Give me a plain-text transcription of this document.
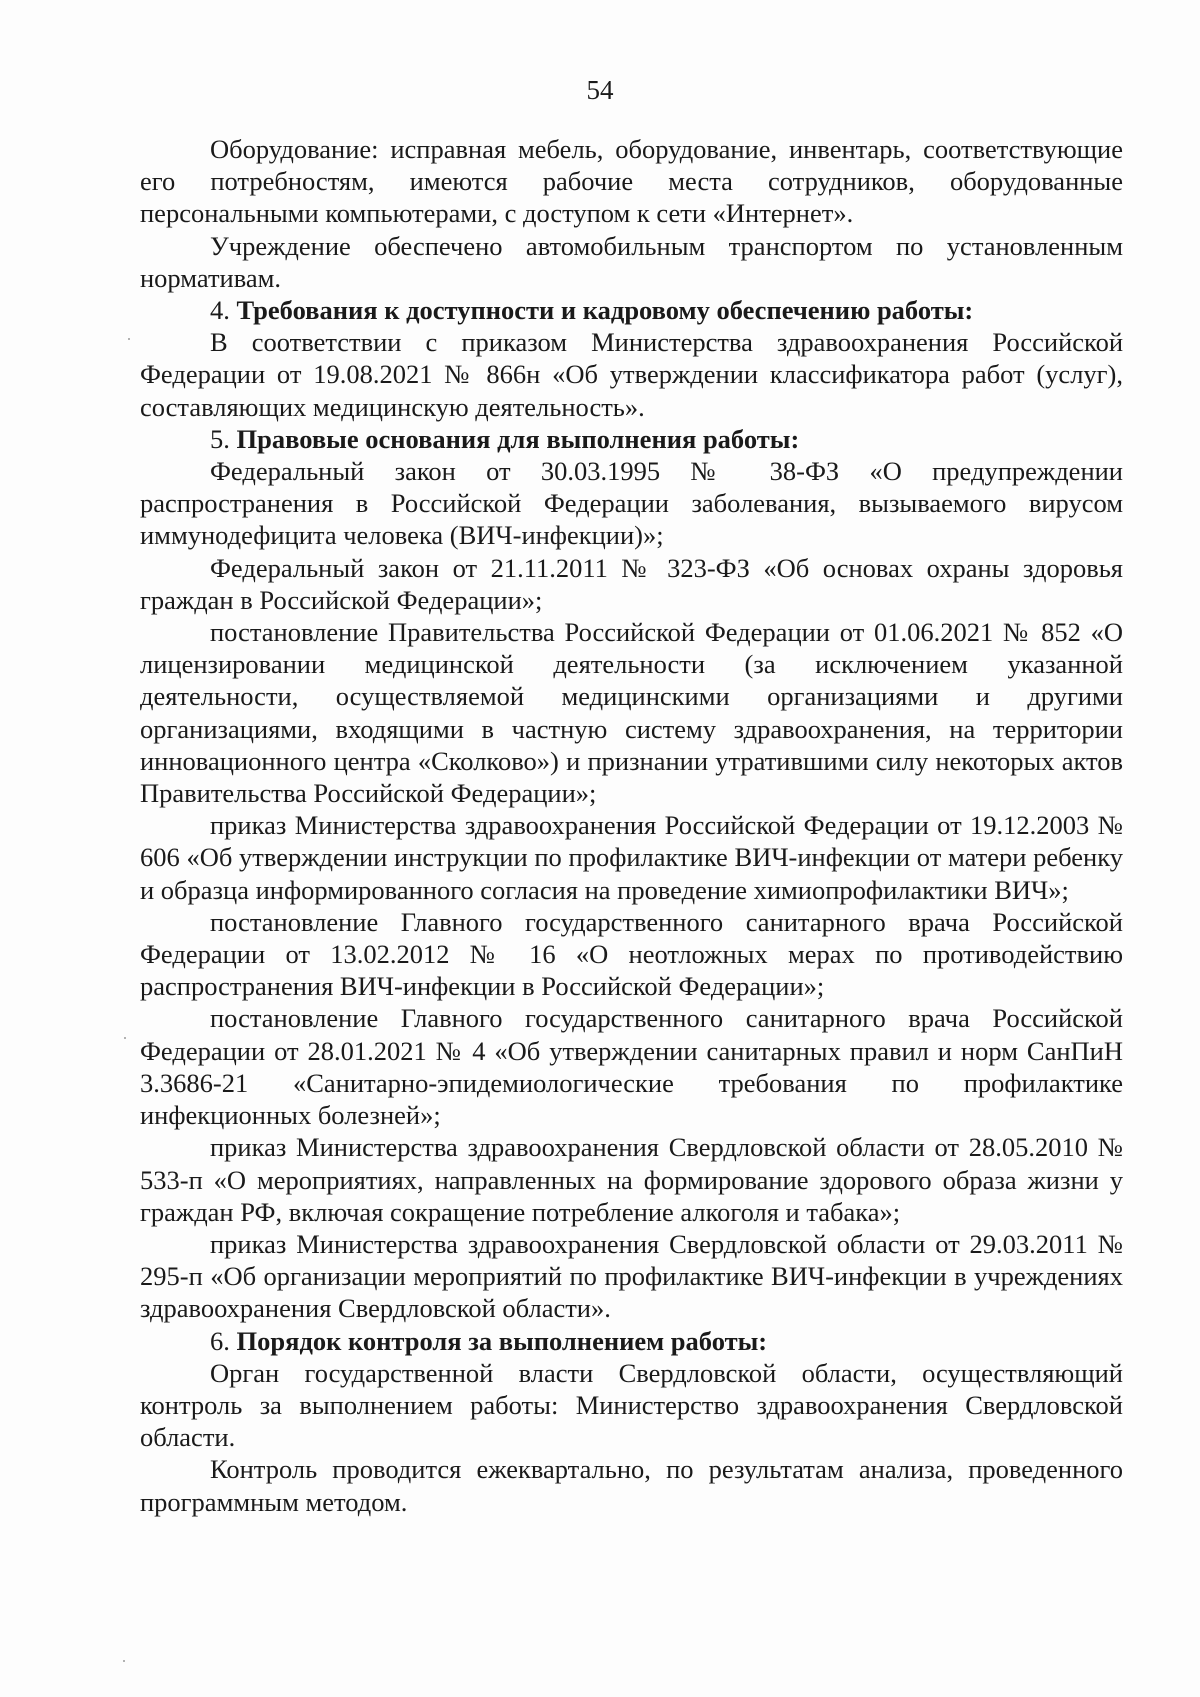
54

Оборудование: исправная мебель, оборудование, инвентарь, соответствующие его потребностям, имеются рабочие места сотрудников, оборудованные персональными компьютерами, с доступом к сети «Интернет».

Учреждение обеспечено автомобильным транспортом по установленным нормативам.

4. Требования к доступности и кадровому обеспечению работы:

В соответствии с приказом Министерства здравоохранения Российской Федерации от 19.08.2021 № 866н «Об утверждении классификатора работ (услуг), составляющих медицинскую деятельность».

5. Правовые основания для выполнения работы:

Федеральный закон от 30.03.1995 № 38-ФЗ «О предупреждении распространения в Российской Федерации заболевания, вызываемого вирусом иммунодефицита человека (ВИЧ-инфекции)»;

Федеральный закон от 21.11.2011 № 323-ФЗ «Об основах охраны здоровья граждан в Российской Федерации»;

постановление Правительства Российской Федерации от 01.06.2021 № 852 «О лицензировании медицинской деятельности (за исключением указанной деятельности, осуществляемой медицинскими организациями и другими организациями, входящими в частную систему здравоохранения, на территории инновационного центра «Сколково») и признании утратившими силу некоторых актов Правительства Российской Федерации»;

приказ Министерства здравоохранения Российской Федерации от 19.12.2003 № 606 «Об утверждении инструкции по профилактике ВИЧ-инфекции от матери ребенку и образца информированного согласия на проведение химиопрофилактики ВИЧ»;

постановление Главного государственного санитарного врача Российской Федерации от 13.02.2012 № 16 «О неотложных мерах по противодействию распространения ВИЧ-инфекции в Российской Федерации»;

постановление Главного государственного санитарного врача Российской Федерации от 28.01.2021 № 4 «Об утверждении санитарных правил и норм СанПиН 3.3686-21 «Санитарно-эпидемиологические требования по профилактике инфекционных болезней»;

приказ Министерства здравоохранения Свердловской области от 28.05.2010 № 533-п «О мероприятиях, направленных на формирование здорового образа жизни у граждан РФ, включая сокращение потребление алкоголя и табака»;

приказ Министерства здравоохранения Свердловской области от 29.03.2011 № 295-п «Об организации мероприятий по профилактике ВИЧ-инфекции в учреждениях здравоохранения Свердловской области».

6. Порядок контроля за выполнением работы:

Орган государственной власти Свердловской области, осуществляющий контроль за выполнением работы: Министерство здравоохранения Свердловской области.

Контроль проводится ежеквартально, по результатам анализа, проведенного программным методом.
